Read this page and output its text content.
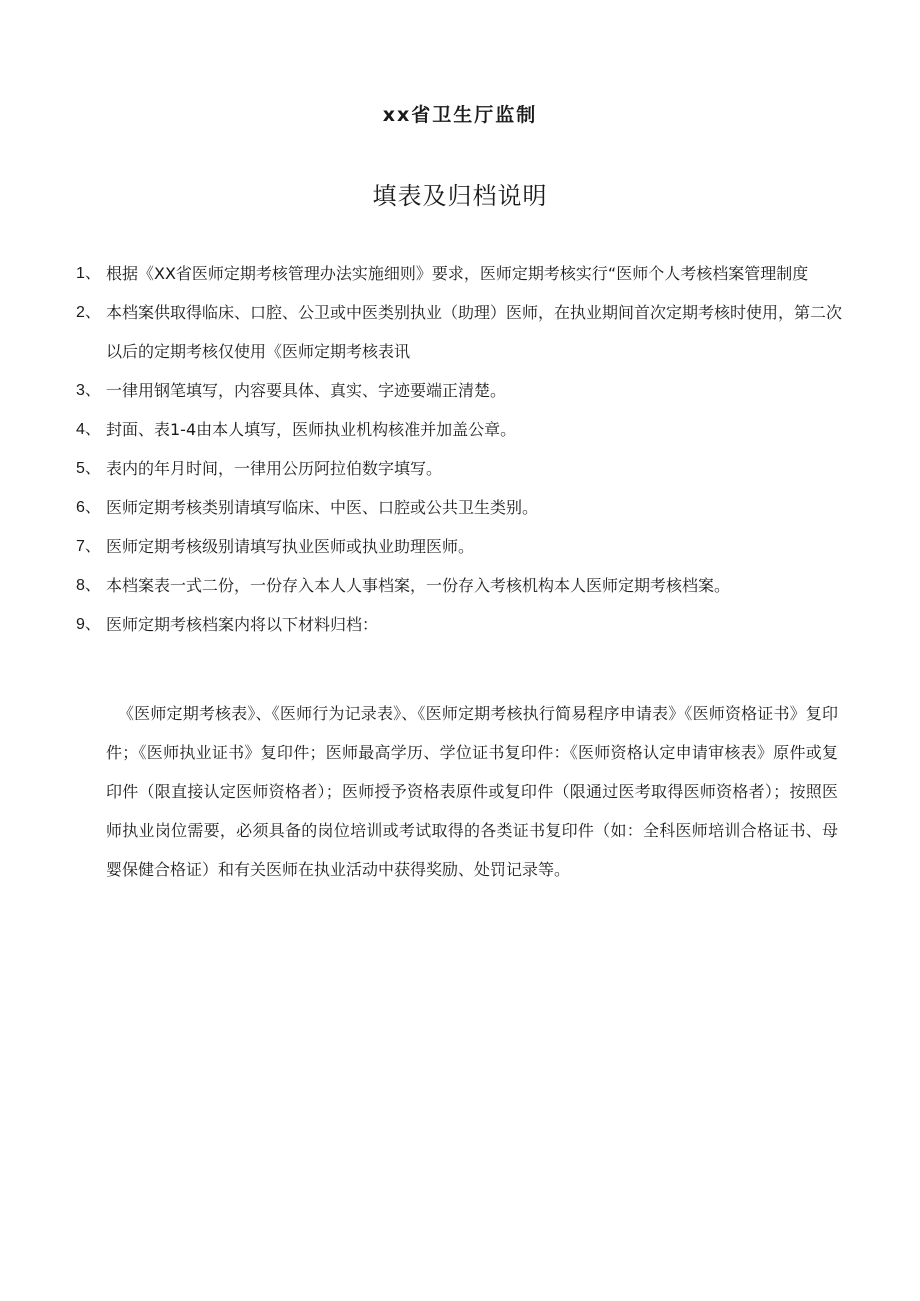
xx省卫生厅监制
填表及归档说明
1、 根据《XX省医师定期考核管理办法实施细则》要求，医师定期考核实行“医师个人考核档案管理制度
2、 本档案供取得临床、口腔、公卫或中医类别执业（助理）医师，在执业期间首次定期考核时使用，第二次以后的定期考核仅使用《医师定期考核表讯
3、 一律用钢笔填写，内容要具体、真实、字迹要端正清楚。
4、 封面、表1-4由本人填写，医师执业机构核准并加盖公章。
5、 表内的年月时间，一律用公历阿拉伯数字填写。
6、 医师定期考核类别请填写临床、中医、口腔或公共卫生类别。
7、 医师定期考核级别请填写执业医师或执业助理医师。
8、 本档案表一式二份，一份存入本人人事档案，一份存入考核机构本人医师定期考核档案。
9、 医师定期考核档案内将以下材料归档：

《医师定期考核表》、《医师行为记录表》、《医师定期考核执行简易程序申请表》《医师资格证书》复印件；《医师执业证书》复印件；医师最高学历、学位证书复印件：《医师资格认定申请审核表》原件或复印件（限直接认定医师资格者）；医师授予资格表原件或复印件（限通过医考取得医师资格者）；按照医师执业岗位需要，必须具备的岗位培训或考试取得的各类证书复印件（如：全科医师培训合格证书、母婴保健合格证）和有关医师在执业活动中获得奖励、处罚记录等。
